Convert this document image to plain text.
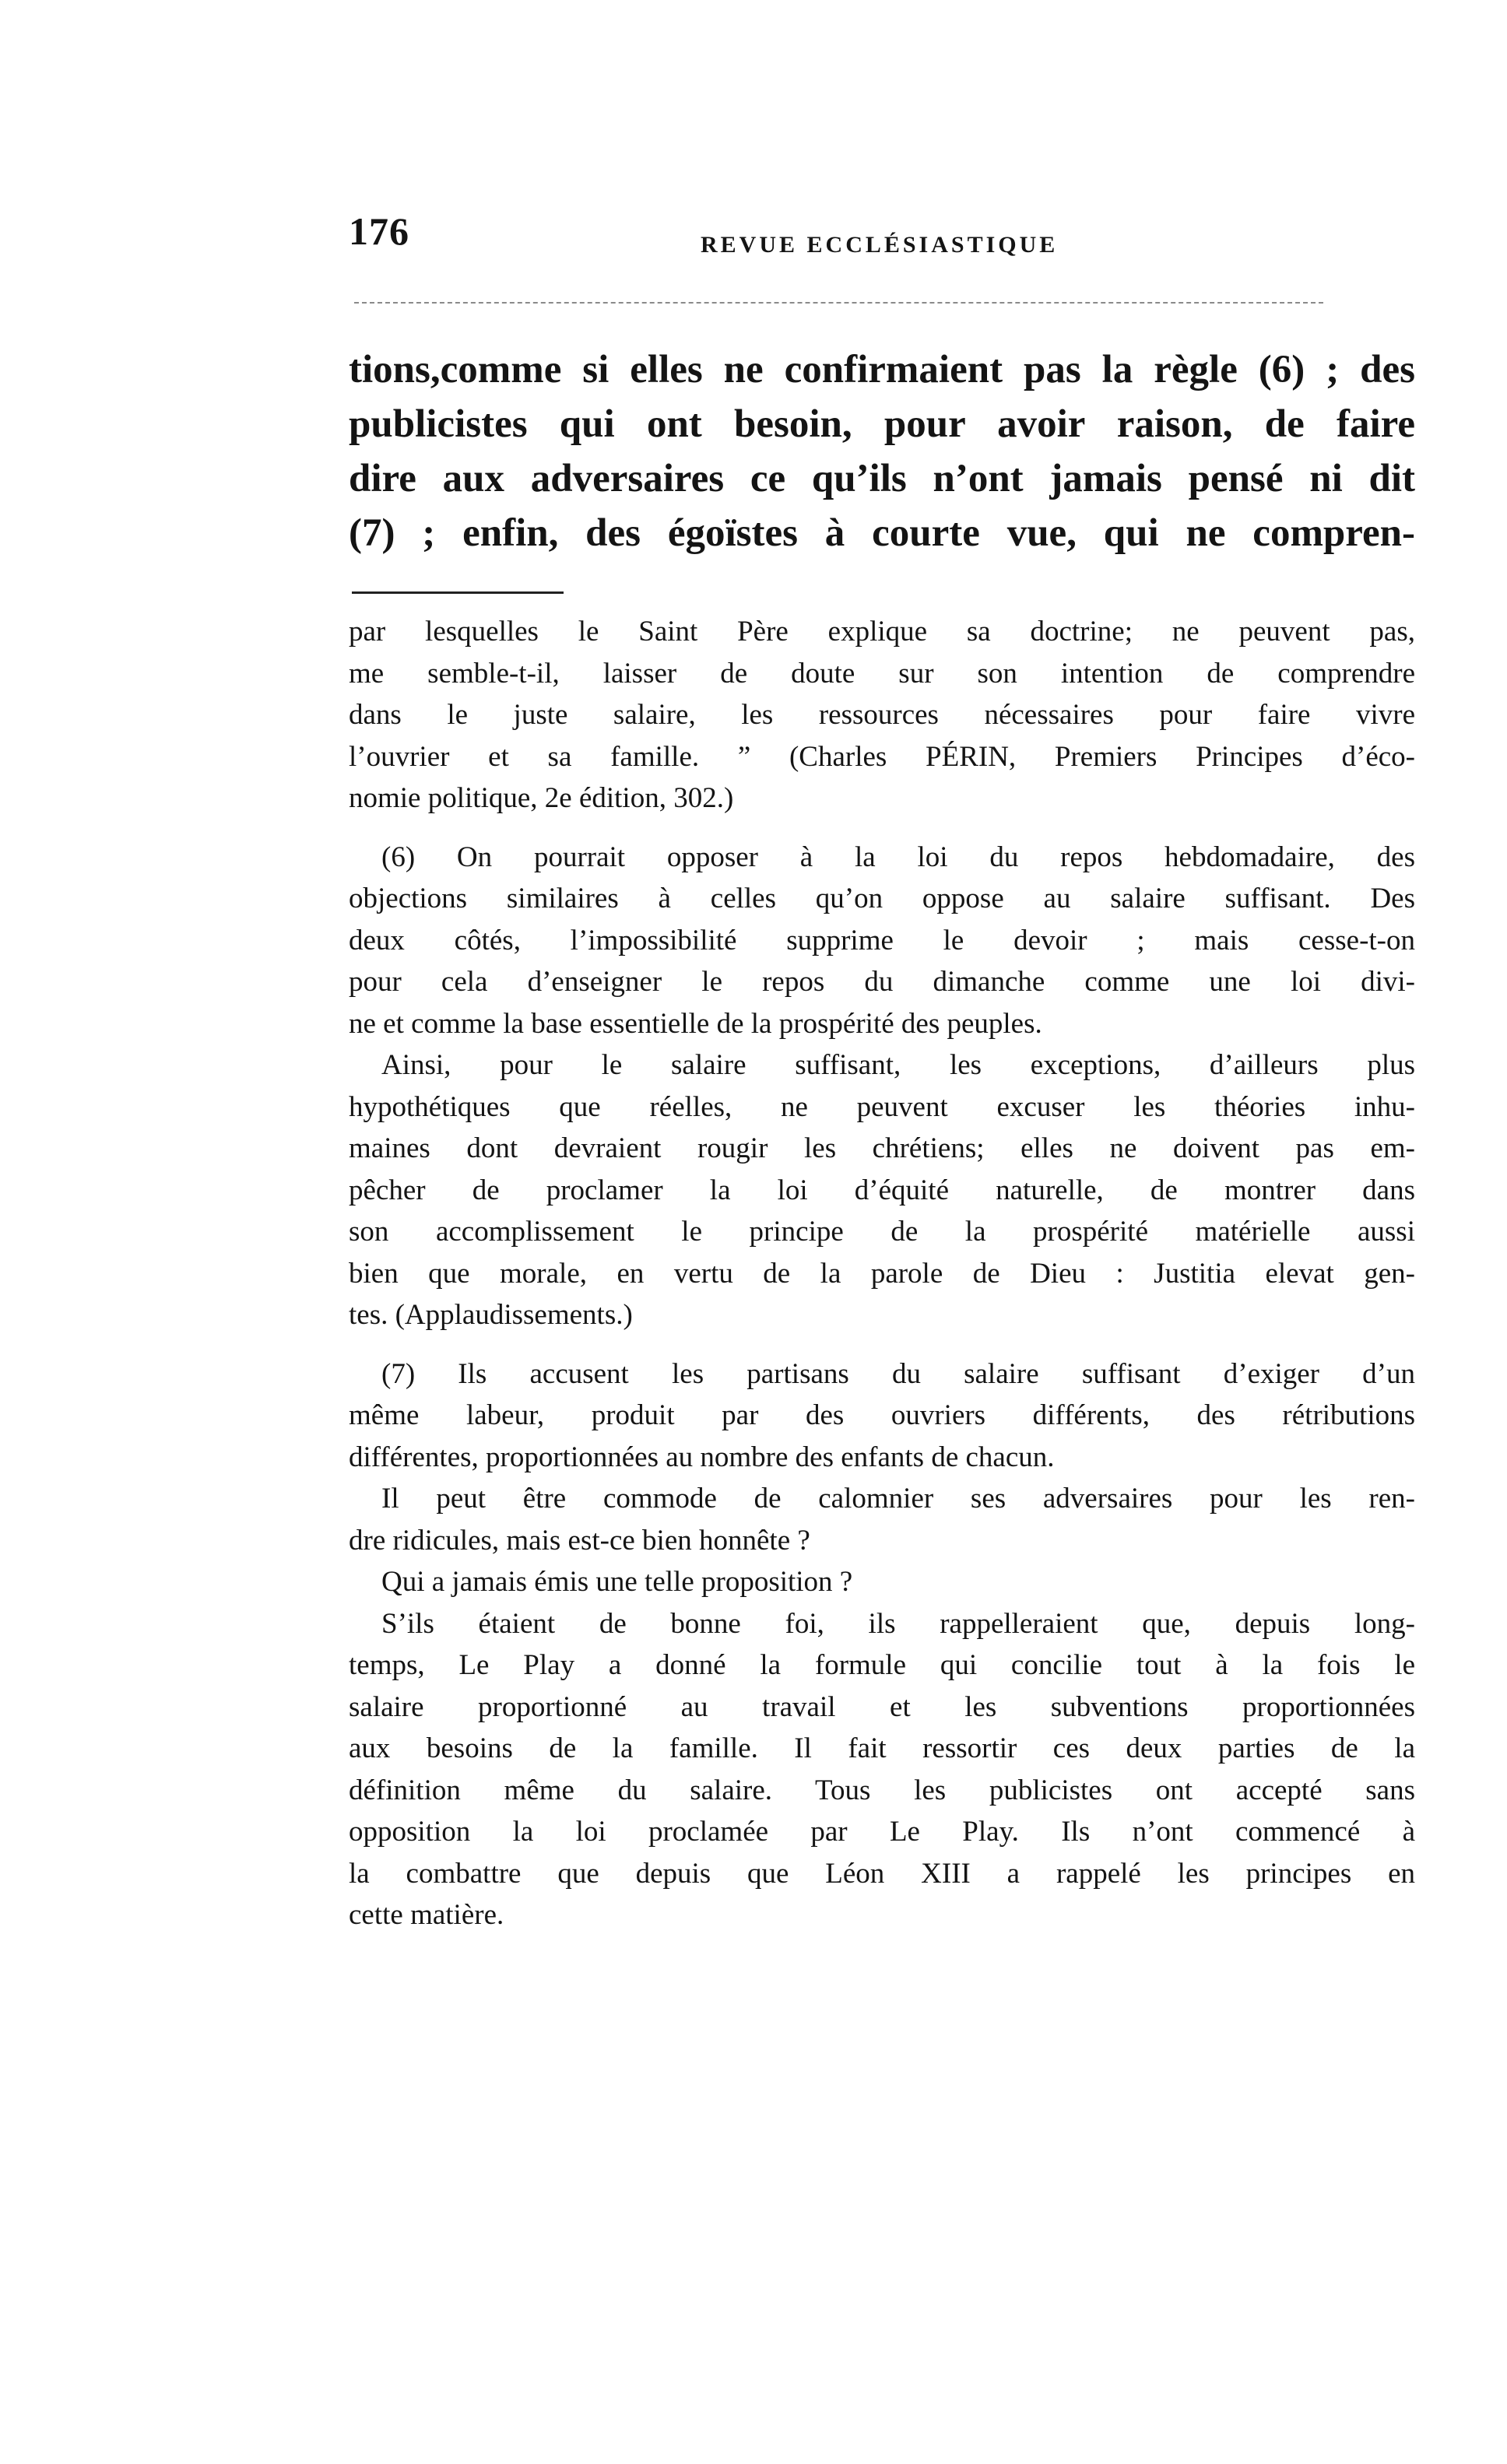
176	REVUE ECCLÉSIASTIQUE
tions,comme si elles ne confirmaient pas la règle (6) ; des
publicistes qui ont besoin, pour avoir raison, de faire
dire aux adversaires ce qu’ils n’ont jamais pensé ni dit
(7) ; enfin, des égoïstes à courte vue, qui ne compren-
par lesquelles le Saint Père explique sa doctrine; ne peuvent pas,
me semble-t-il, laisser de doute sur son intention de comprendre
dans le juste salaire, les ressources nécessaires pour faire vivre
l’ouvrier et sa famille. ” (Charles PÉRIN, Premiers Principes d’éco-
nomie politique, 2e édition, 302.)
(6) On pourrait opposer à la loi du repos hebdomadaire, des
objections similaires à celles qu’on oppose au salaire suffisant. Des
deux côtés, l’impossibilité supprime le devoir ; mais cesse-t-on
pour cela d’enseigner le repos du dimanche comme une loi divi-
ne et comme la base essentielle de la prospérité des peuples.
Ainsi, pour le salaire suffisant, les exceptions, d’ailleurs plus
hypothétiques que réelles, ne peuvent excuser les théories inhu-
maines dont devraient rougir les chrétiens; elles ne doivent pas em-
pêcher de proclamer la loi d’équité naturelle, de montrer dans
son accomplissement le principe de la prospérité matérielle aussi
bien que morale, en vertu de la parole de Dieu : Justitia elevat gen-
tes. (Applaudissements.)
(7) Ils accusent les partisans du salaire suffisant d’exiger d’un
même labeur, produit par des ouvriers différents, des rétributions
différentes, proportionnées au nombre des enfants de chacun.
Il peut être commode de calomnier ses adversaires pour les ren-
dre ridicules, mais est-ce bien honnête ?
Qui a jamais émis une telle proposition ?
S’ils étaient de bonne foi, ils rappelleraient que, depuis long-
temps, Le Play a donné la formule qui concilie tout à la fois le
salaire proportionné au travail et les subventions proportionnées
aux besoins de la famille. Il fait ressortir ces deux parties de la
définition même du salaire. Tous les publicistes ont accepté sans
opposition la loi proclamée par Le Play. Ils n’ont commencé à
la combattre que depuis que Léon XIII a rappelé les principes en
cette matière.
